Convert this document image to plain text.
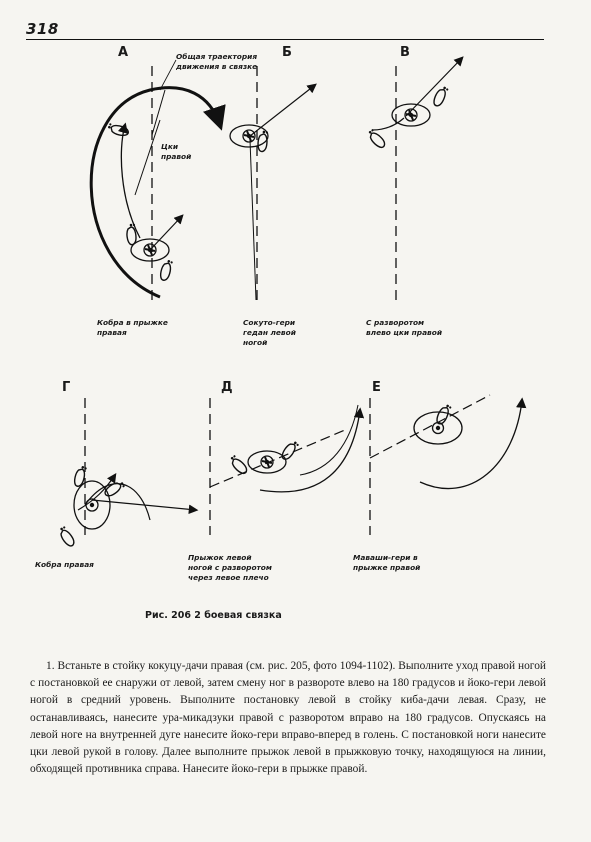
318
А	Б	В
Г	Д	Е
Общая траектория
движения в связке
Цки
правой
Кобра в прыжке
правая
Сокуто-гери
гедан левой
ногой
С разворотом
влево цки правой
Кобра правая
Прыжок левой
ногой с разворотом
через левое плечо
Маваши-гери в
прыжке правой
Рис. 206 2 боевая связка

1. Встаньте в стойку кокуцу-дачи правая (см. рис. 205, фото 1094-1102). Выполните уход правой ногой с постановкой ее снаружи от левой, затем смену ног в развороте влево на 180 градусов и йоко-гери левой ногой в средний уровень. Выполните постановку левой в стойку киба-дачи левая. Сразу, не останавливаясь, нанесите ура-микадзуки правой с разворотом вправо на 180 градусов. Опускаясь на левой ноге на внутренней дуге нанесите йоко-гери вправо-вперед в голень. С постановкой ноги нанесите цки левой рукой в голову. Далее выполните прыжок левой в прыжковую точку, находящуюся на линии, обходящей противника справа. Нанесите йоко-гери в прыжке правой.
